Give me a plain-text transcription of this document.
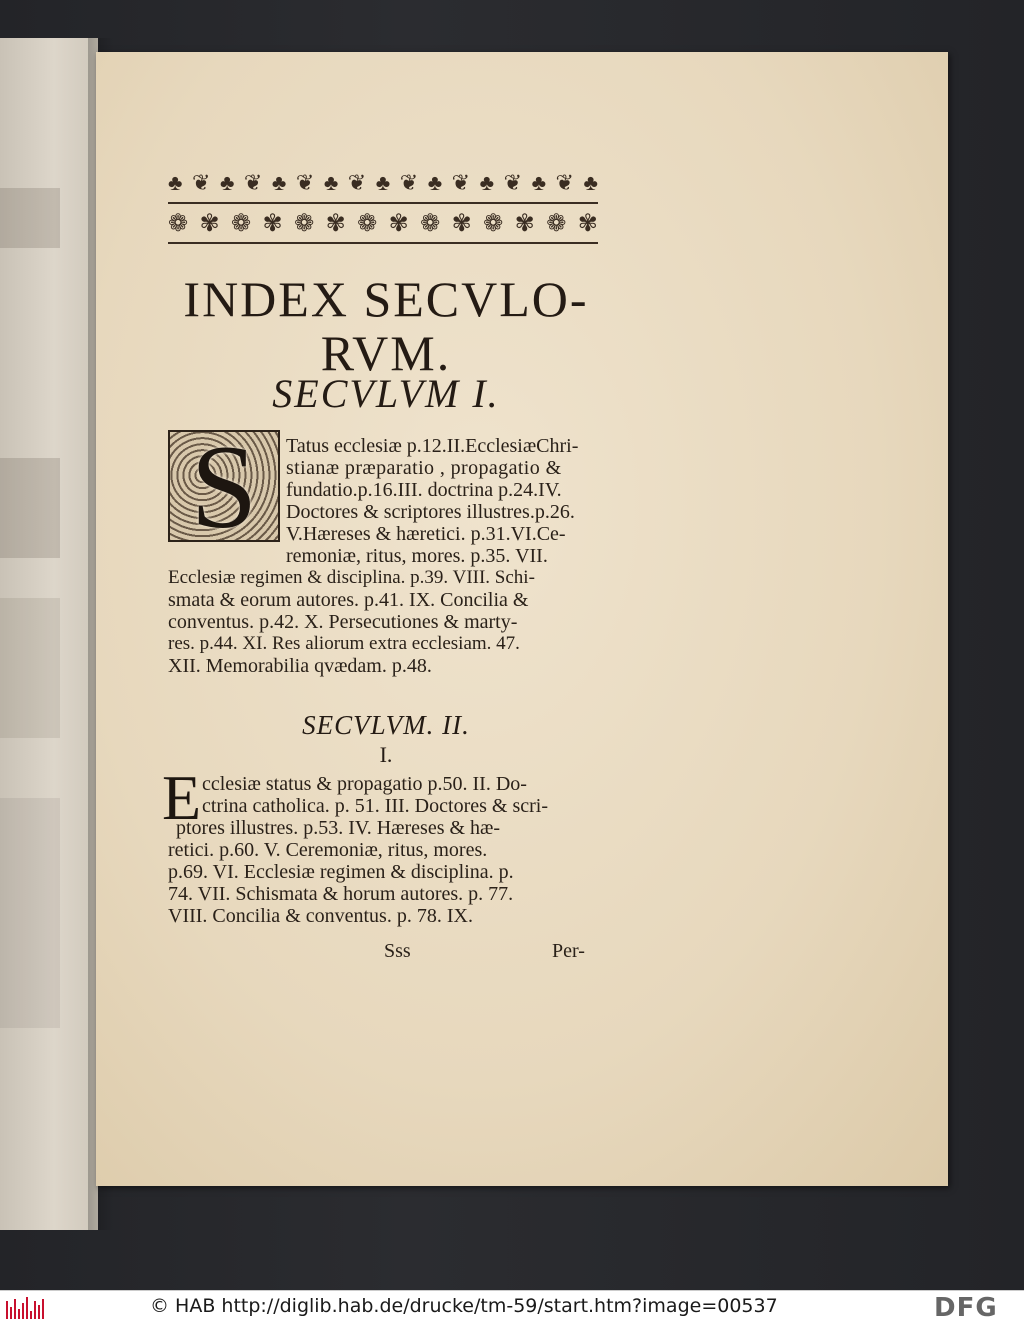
♣ ❦ ♣ ❦ ♣ ❦ ♣ ❦ ♣ ❦ ♣ ❦ ♣ ❦ ♣ ❦ ♣
❁ ✾ ❁ ✾ ❁ ✾ ❁ ✾ ❁ ✾ ❁ ✾ ❁ ✾
INDEX SECVLO-
RVM.
SECVLVM I.
S	Tatus ecclesiæ p.12.II.EcclesiæChri-
stianæ præparatio , propagatio &
fundatio.p.16.III. doctrina p.24.IV.
Doctores & scriptores illustres.p.26.
V.Hæreses & hæretici. p.31.VI.Ce-
remoniæ, ritus, mores. p.35. VII.
Ecclesiæ regimen & disciplina. p.39. VIII. Schi-
smata & eorum autores. p.41. IX. Concilia &
conventus. p.42. X. Persecutiones & marty-
res. p.44. XI. Res aliorum extra ecclesiam. 47.
XII. Memorabilia qvædam. p.48.
SECVLVM. II.
I.
E cclesiæ status & propagatio p.50. II. Do-
ctrina catholica. p. 51. III. Doctores & scri-
ptores illustres. p.53. IV. Hæreses & hæ-
retici. p.60. V. Ceremoniæ, ritus, mores.
p.69. VI. Ecclesiæ regimen & disciplina. p.
74. VII. Schismata & horum autores. p. 77.
VIII. Concilia & conventus. p. 78. IX.
Sss	Per-
© HAB http://diglib.hab.de/drucke/tm-59/start.htm?image=00537	DFG
